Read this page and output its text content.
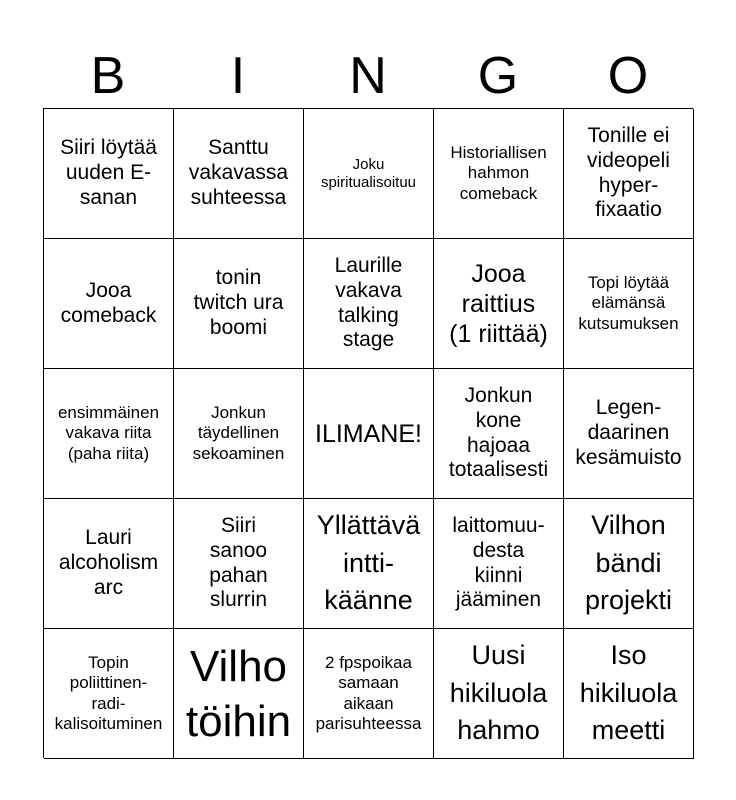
B	I	N	G	O
Siiri löytää
uuden E-
sanan
Santtu
vakavassa
suhteessa
Joku
spiritualisoituu
Historiallisen
hahmon
comeback
Tonille ei
videopeli
hyper-
fixaatio
Jooa
comeback
tonin
twitch ura
boomi
Laurille
vakava
talking
stage
Jooa
raittius
(1 riittää)
Topi löytää
elämänsä
kutsumuksen
ensimmäinen
vakava riita
(paha riita)
Jonkun
täydellinen
sekoaminen
ILIMANE!
Jonkun
kone
hajoaa
totaalisesti
Legen-
daarinen
kesämuisto
Lauri
alcoholism
arc
Siiri
sanoo
pahan
slurrin
Yllättävä
intti-
käänne
laittomuu-
desta
kiinni
jääminen
Vilhon
bändi
projekti
Topin
poliittinen-
radi-
kalisoituminen
Vilho
töihin
2 fpspoikaa
samaan
aikaan
parisuhteessa
Uusi
hikiluola
hahmo
Iso
hikiluola
meetti
